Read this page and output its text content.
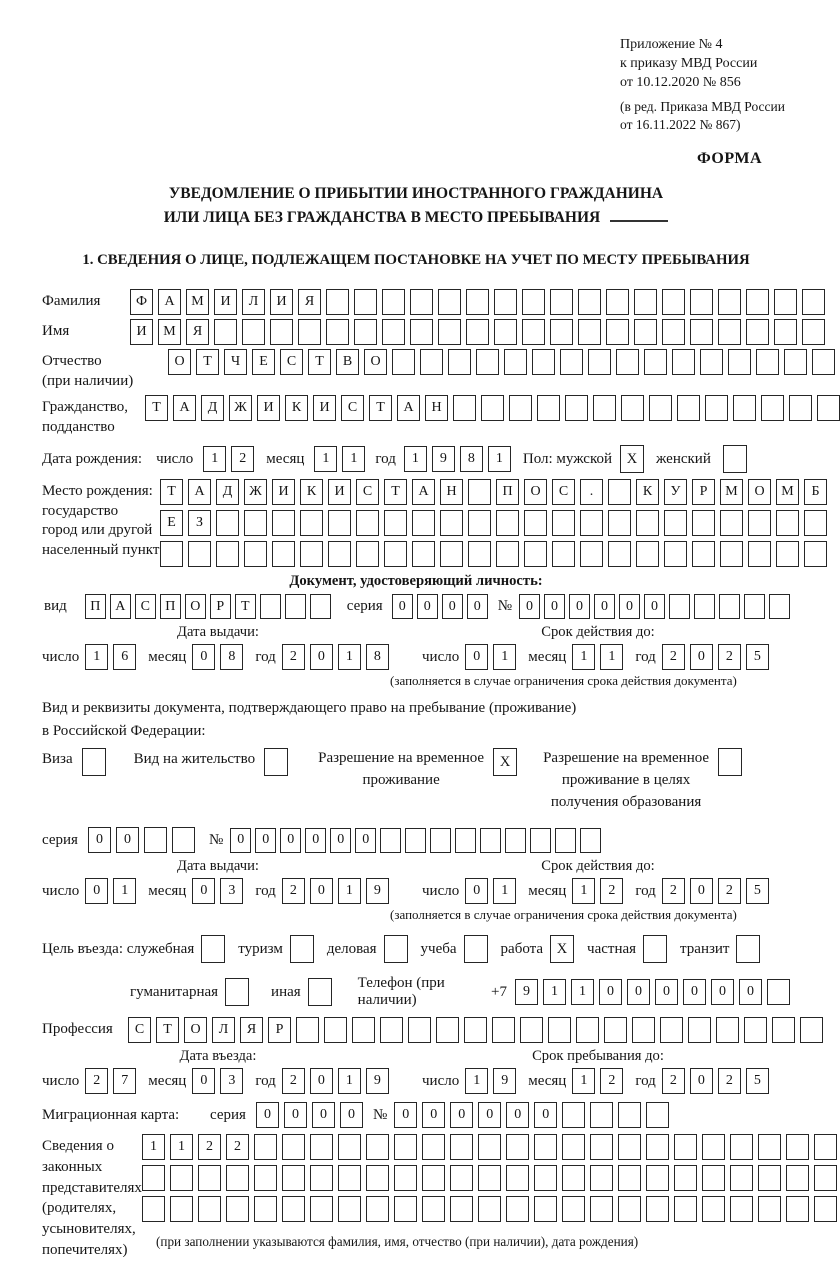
Приложение № 4
к приказу МВД России
от 10.12.2020 № 856
(в ред. Приказа МВД России
от 16.11.2022 № 867)
ФОРМА
УВЕДОМЛЕНИЕ О ПРИБЫТИИ ИНОСТРАННОГО ГРАЖДАНИНА
ИЛИ ЛИЦА БЕЗ ГРАЖДАНСТВА В МЕСТО ПРЕБЫВАНИЯ
1. СВЕДЕНИЯ О ЛИЦЕ, ПОДЛЕЖАЩЕМ ПОСТАНОВКЕ НА УЧЕТ ПО МЕСТУ ПРЕБЫВАНИЯ
Фамилия	Ф	А	М	И	Л	И	Я
Имя	И	М	Я
Отчество
(при наличии)
О	Т	Ч	Е	С	Т	В	О
Гражданство,
подданство
Т	А	Д	Ж	И	К	И	С	Т	А	Н
Дата рождения: число	1	2	месяц	1	1	год	1	9	8	1	Пол: мужской	X	женский
Место рождения:
государство
город или другой
населенный пункт
Т	А	Д	Ж	И	К	И	С	Т	А	Н	П	О	С	.	К	У	Р	М	О	М	Б
Е	З
Документ, удостоверяющий личность:
вид	П	А	С	П	О	Р	Т	серия	0	0	0	0	№	0	0	0	0	0	0
Дата выдачи:
число	1	6	месяц	0	8	год	2	0	1	8
Срок действия до:
число	0	1	месяц	1	1	год	2	0	2	5
(заполняется в случае ограничения срока действия документа)
Вид и реквизиты документа, подтверждающего право на пребывание (проживание)
в Российской Федерации:
Виза	Вид на жительство	Разрешение на временное
проживание
X	Разрешение на временное
проживание в целях
получения образования
серия	0	0	№	0	0	0	0	0	0
Дата выдачи:
число	0	1	месяц	0	3	год	2	0	1	9
Срок действия до:
число	0	1	месяц	1	2	год	2	0	2	5
(заполняется в случае ограничения срока действия документа)
Цель въезда: служебная	туризм	деловая	учеба	работа X	частная	транзит
гуманитарная	иная
Телефон (при наличии)
+7	9	1	1	0	0	0	0	0	0
Профессия	С	Т	О	Л	Я	Р
Дата въезда:
число	2	7	месяц	0	3	год	2	0	1	9
Срок пребывания до:
число	1	9	месяц	1	2	год	2	0	2	5
Миграционная карта:	серия	0	0	0	0	№	0	0	0	0	0	0
Сведения о
законных
представителях
(родителях,
усыновителях,
попечителях)
1	1	2	2
(при заполнении указываются фамилия, имя, отчество (при наличии), дата рождения)
